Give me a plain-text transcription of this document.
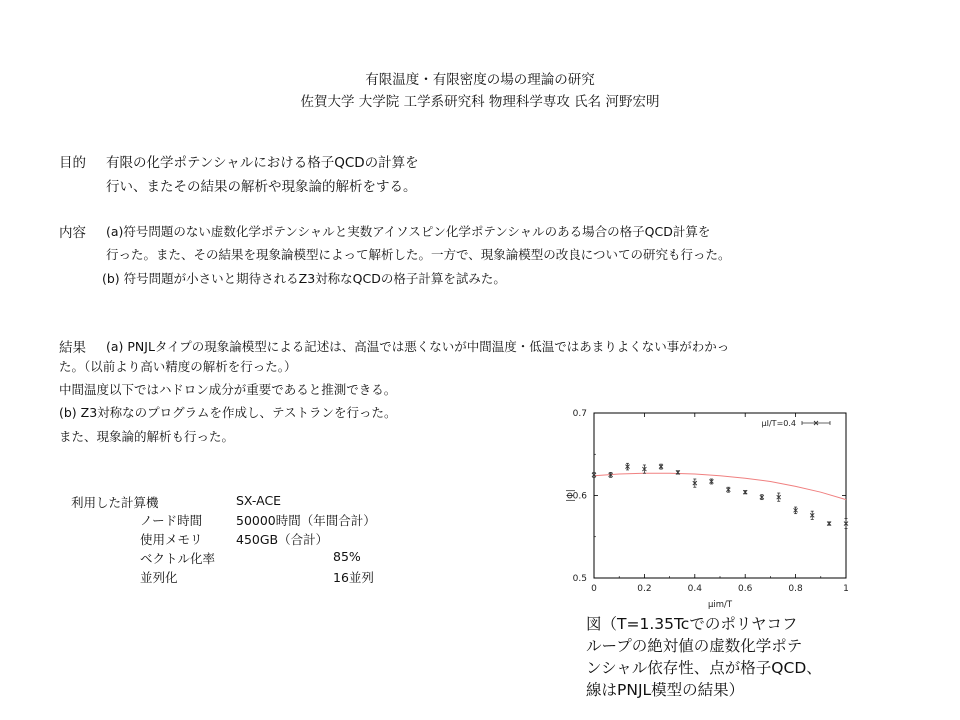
有限温度・有限密度の場の理論の研究
佐賀大学 大学院 工学系研究科 物理科学専攻 氏名 河野宏明
目的 有限の化学ポテンシャルにおける格子QCDの計算を
行い、またその結果の解析や現象論的解析をする。
内容 (a)符号問題のない虚数化学ポテンシャルと実数アイソスピン化学ポテンシャルのある場合の格子QCD計算を
行った。また、その結果を現象論模型によって解析した。一方で、現象論模型の改良についての研究も行った。
(b) 符号問題が小さいと期待されるZ3対称なQCDの格子計算を試みた。
結果 (a) PNJLタイプの現象論模型による記述は、高温では悪くないが中間温度・低温ではあまりよくない事がわかっ
た。（以前より高い精度の解析を行った。）
中間温度以下ではハドロン成分が重要であると推測できる。
(b) Z3対称なのプログラムを作成し、テストランを行った。
また、現象論的解析も行った。
利用した計算機	SX-ACE
ノード時間	50000時間（年間合計）
使用メモリ	450GB（合計）
ベクトル化率	85%
並列化	16並列
0	0.2	0.4	0.6	0.8	1
0.5
0.6
0.7
μim/T
|Φ|
μI/T=0.4
図（T=1.35Tcでのポリヤコフ
ループの絶対値の虚数化学ポテ
ンシャル依存性、点が格子QCD、
線はPNJL模型の結果）
